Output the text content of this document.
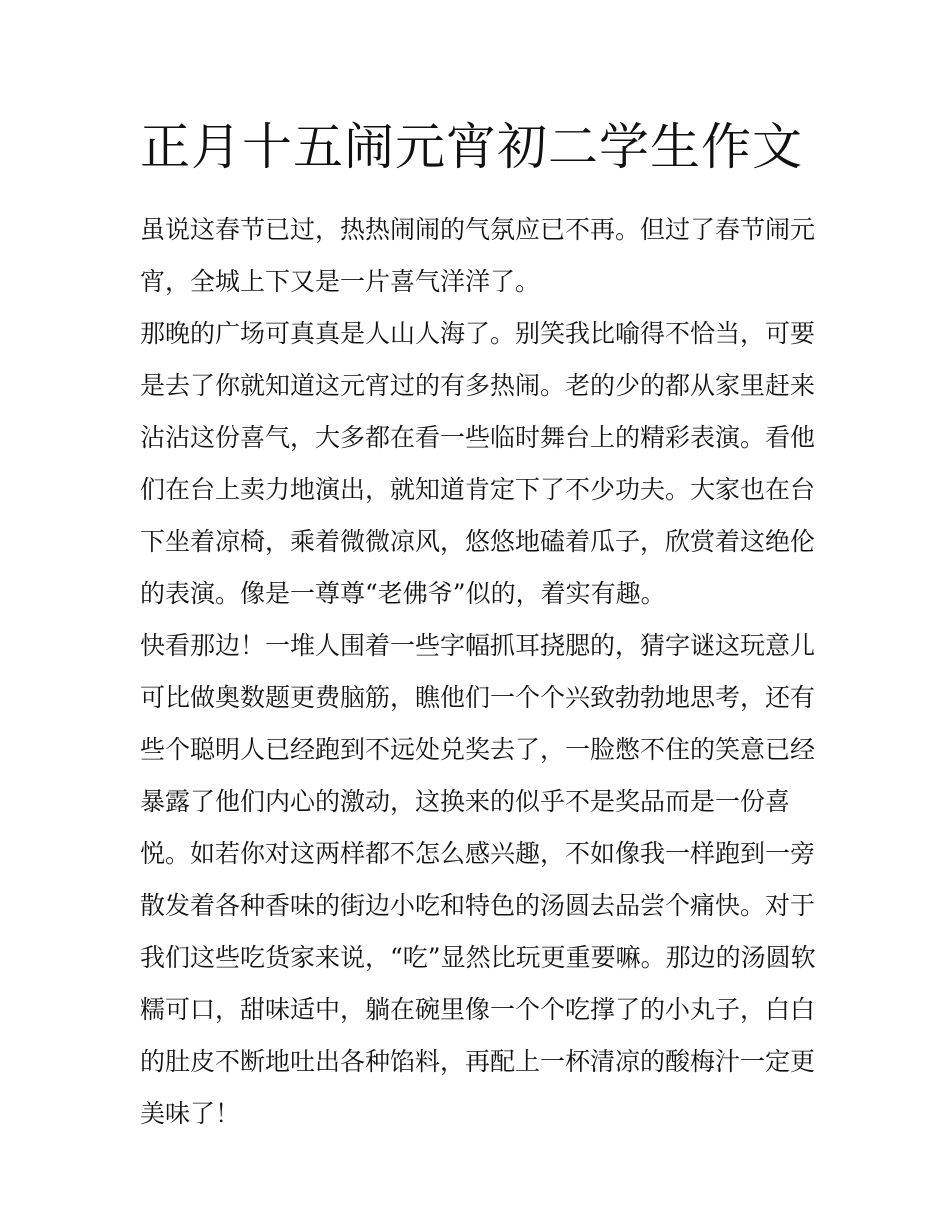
正月十五闹元宵初二学生作文

虽说这春节已过，热热闹闹的气氛应已不再。但过了春节闹元
宵，全城上下又是一片喜气洋洋了。

那晚的广场可真真是人山人海了。别笑我比喻得不恰当，可要
是去了你就知道这元宵过的有多热闹。老的少的都从家里赶来
沾沾这份喜气，大多都在看一些临时舞台上的精彩表演。看他
们在台上卖力地演出，就知道肯定下了不少功夫。大家也在台
下坐着凉椅，乘着微微凉风，悠悠地磕着瓜子，欣赏着这绝伦
的表演。像是一尊尊“老佛爷”似的，着实有趣。

快看那边！一堆人围着一些字幅抓耳挠腮的，猜字谜这玩意儿
可比做奥数题更费脑筋，瞧他们一个个兴致勃勃地思考，还有
些个聪明人已经跑到不远处兑奖去了，一脸憋不住的笑意已经
暴露了他们内心的激动，这换来的似乎不是奖品而是一份喜
悦。如若你对这两样都不怎么感兴趣，不如像我一样跑到一旁
散发着各种香味的街边小吃和特色的汤圆去品尝个痛快。对于
我们这些吃货家来说，“吃”显然比玩更重要嘛。那边的汤圆软
糯可口，甜味适中，躺在碗里像一个个吃撑了的小丸子，白白
的肚皮不断地吐出各种馅料，再配上一杯清凉的酸梅汁一定更
美味了！
